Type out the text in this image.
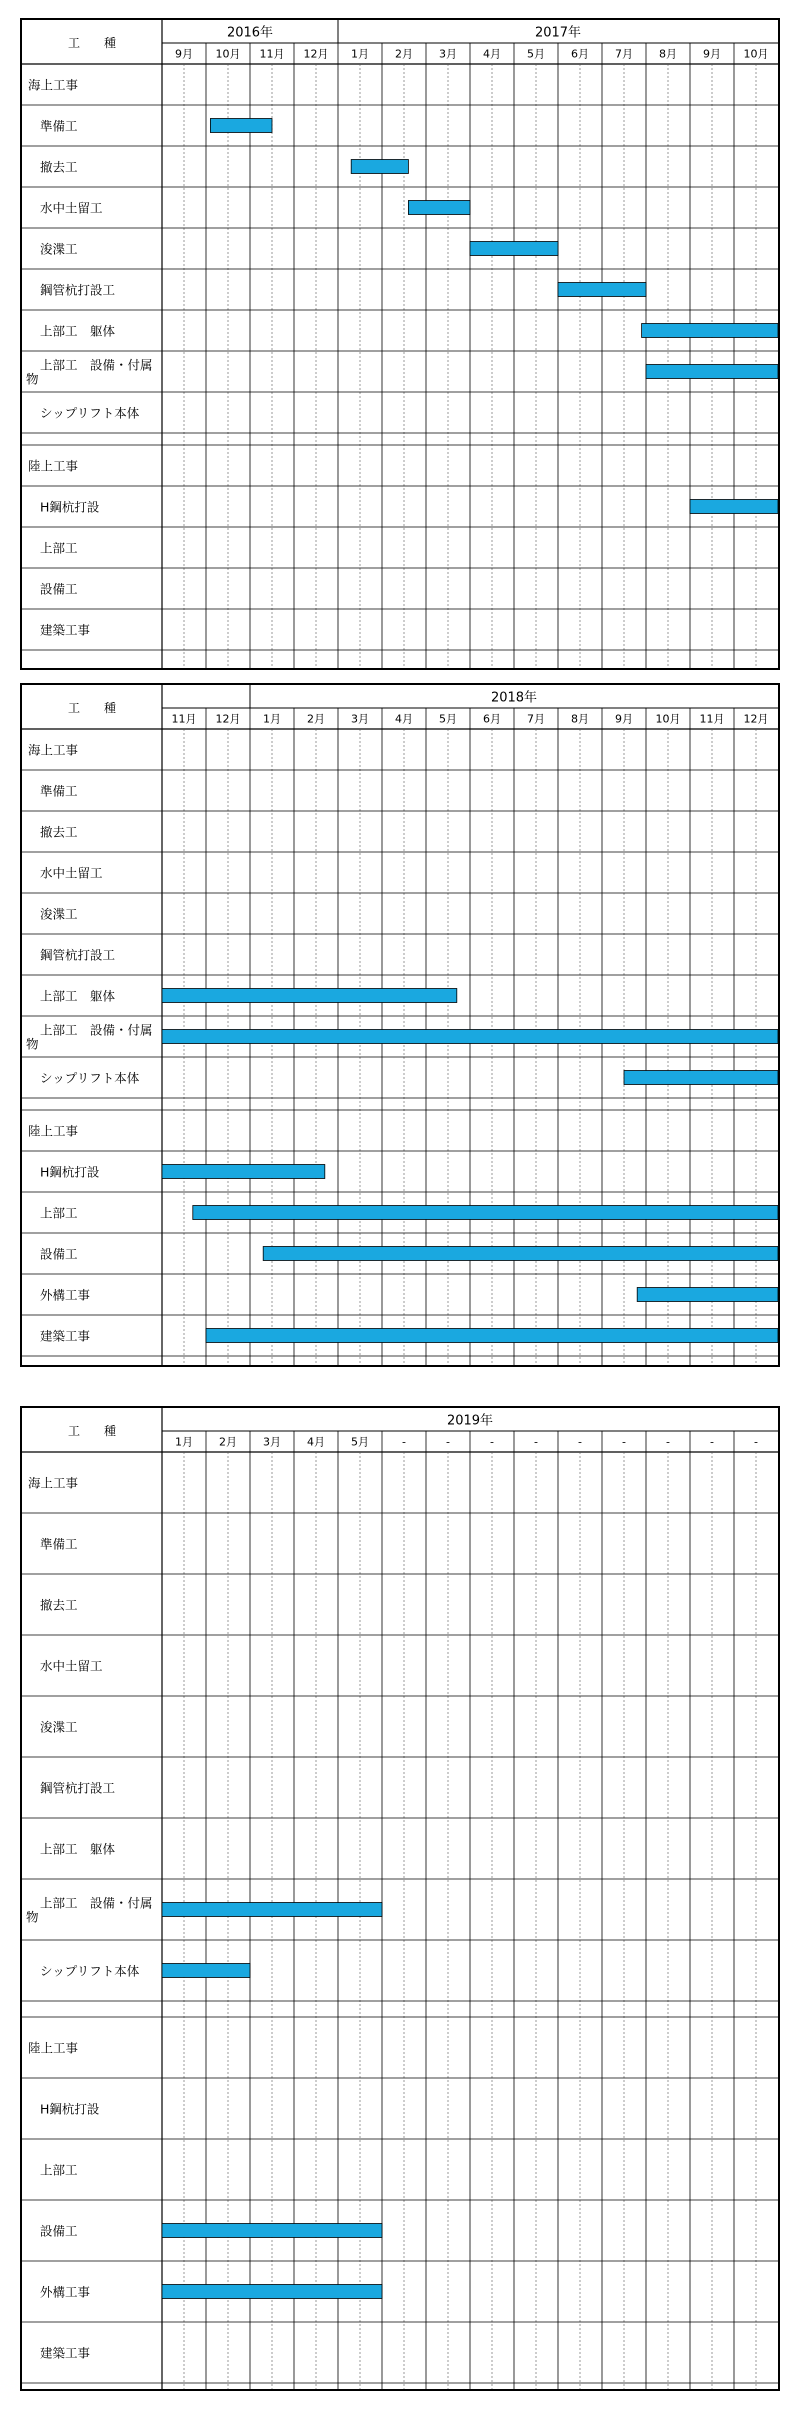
工　　種
2016年	2017年
9月 10月 11月 12月 1月 2月 3月 4月 5月 6月 7月 8月 9月 10月
海上工事
準備工
撤去工
水中土留工
浚渫工
鋼管杭打設工
上部工　躯体
上部工　設備・付属
物
シップリフト本体
陸上工事
H鋼杭打設
上部工
設備工
建築工事
工　　種
2018年
11月 12月 1月 2月 3月 4月 5月 6月 7月 8月 9月 10月 11月 12月
海上工事
準備工
撤去工
水中土留工
浚渫工
鋼管杭打設工
上部工　躯体
上部工　設備・付属
物
シップリフト本体
陸上工事
H鋼杭打設
上部工
設備工
外構工事
建築工事
工　　種
2019年
1月 2月 3月 4月 5月	-	-	-	-	-	-	-	-	-
海上工事
準備工
撤去工
水中土留工
浚渫工
鋼管杭打設工
上部工　躯体
上部工　設備・付属
物
シップリフト本体
陸上工事
H鋼杭打設
上部工
設備工
外構工事
建築工事
